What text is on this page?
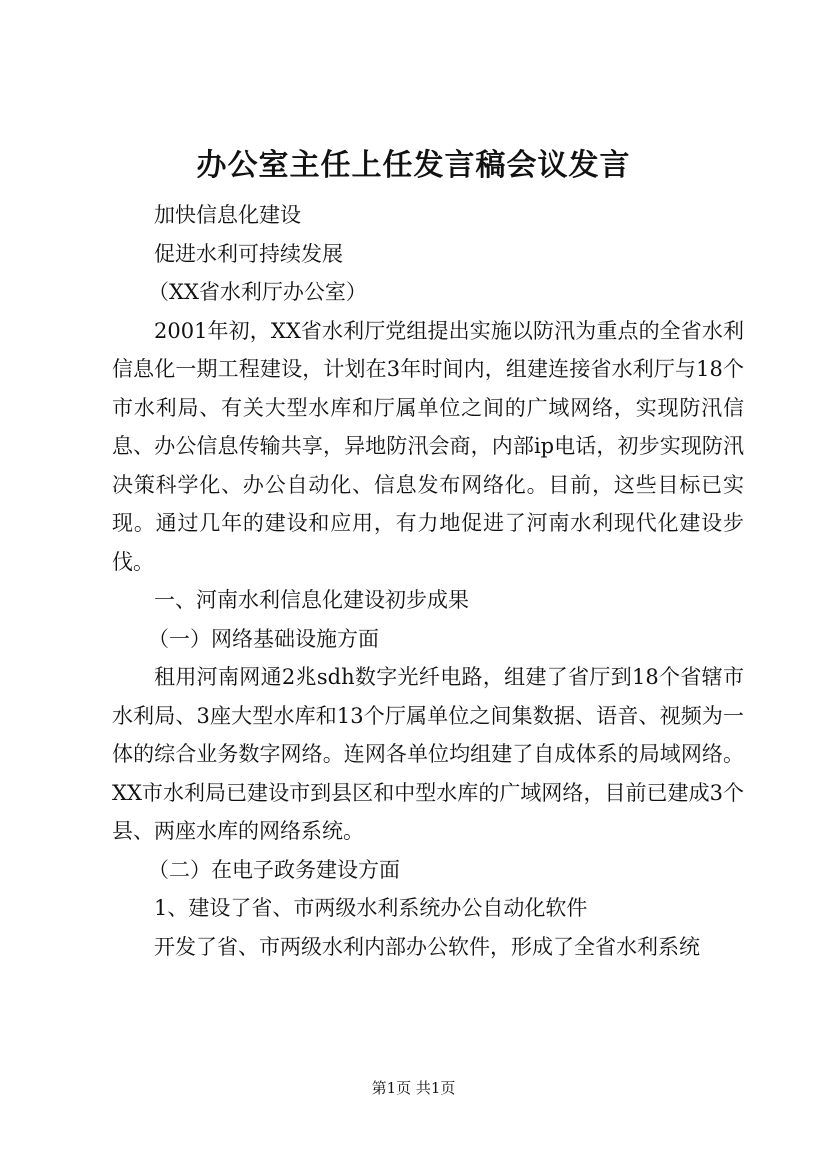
办公室主任上任发言稿会议发言

加快信息化建设

促进水利可持续发展

（XX省水利厅办公室）

2001年初，XX省水利厅党组提出实施以防汛为重点的全省水利信息化一期工程建设，计划在3年时间内，组建连接省水利厅与18个市水利局、有关大型水库和厅属单位之间的广域网络，实现防汛信息、办公信息传输共享，异地防汛会商，内部ip电话，初步实现防汛决策科学化、办公自动化、信息发布网络化。目前，这些目标已实现。通过几年的建设和应用，有力地促进了河南水利现代化建设步伐。

一、河南水利信息化建设初步成果

（一）网络基础设施方面

租用河南网通2兆sdh数字光纤电路，组建了省厅到18个省辖市水利局、3座大型水库和13个厅属单位之间集数据、语音、视频为一体的综合业务数字网络。连网各单位均组建了自成体系的局域网络。XX市水利局已建设市到县区和中型水库的广域网络，目前已建成3个县、两座水库的网络系统。

（二）在电子政务建设方面

1、建设了省、市两级水利系统办公自动化软件

开发了省、市两级水利内部办公软件，形成了全省水利系统

第1页 共1页
